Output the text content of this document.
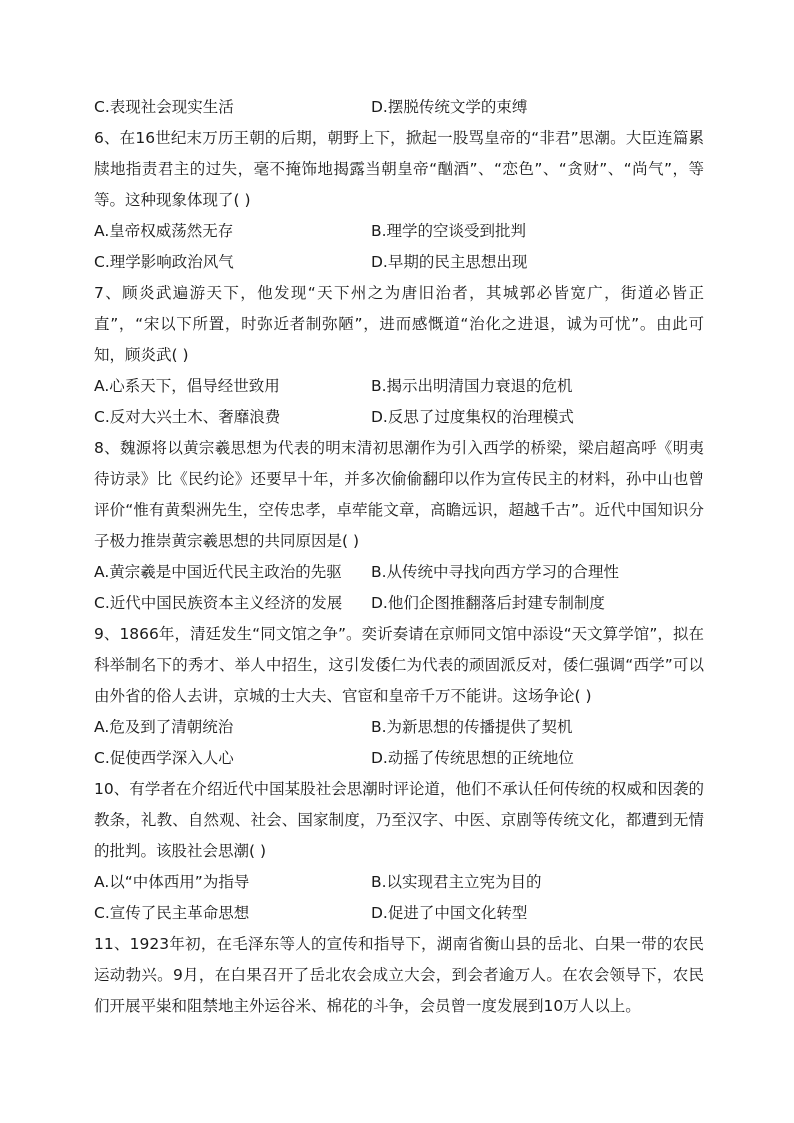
C.表现社会现实生活	D.摆脱传统文学的束缚
6、在16世纪末万历王朝的后期，朝野上下，掀起一股骂皇帝的“非君”思潮。大臣连篇累牍地指责君主的过失，毫不掩饰地揭露当朝皇帝“酗酒”、“恋色”、“贪财”、“尚气”，等等。这种现象体现了( )
A.皇帝权威荡然无存	B.理学的空谈受到批判
C.理学影响政治风气	D.早期的民主思想出现
7、顾炎武遍游天下，他发现“天下州之为唐旧治者，其城郭必皆宽广，街道必皆正直”，“宋以下所置，时弥近者制弥陋”，进而感慨道“治化之进退，诚为可忧”。由此可知，顾炎武( )
A.心系天下，倡导经世致用	B.揭示出明清国力衰退的危机
C.反对大兴土木、奢靡浪费	D.反思了过度集权的治理模式
8、魏源将以黄宗羲思想为代表的明末清初思潮作为引入西学的桥梁，梁启超高呼《明夷待访录》比《民约论》还要早十年，并多次偷偷翻印以作为宣传民主的材料，孙中山也曾评价“惟有黄梨洲先生，空传忠孝，卓荦能文章，高瞻远识，超越千古”。近代中国知识分子极力推崇黄宗羲思想的共同原因是( )
A.黄宗羲是中国近代民主政治的先驱	B.从传统中寻找向西方学习的合理性
C.近代中国民族资本主义经济的发展	D.他们企图推翻落后封建专制制度
9、1866年，清廷发生“同文馆之争”。奕䜣奏请在京师同文馆中添设“天文算学馆”，拟在科举制名下的秀才、举人中招生，这引发倭仁为代表的顽固派反对，倭仁强调“西学”可以由外省的俗人去讲，京城的士大夫、官宦和皇帝千万不能讲。这场争论( )
A.危及到了清朝统治	B.为新思想的传播提供了契机
C.促使西学深入人心	D.动摇了传统思想的正统地位
10、有学者在介绍近代中国某股社会思潮时评论道，他们不承认任何传统的权威和因袭的教条，礼教、自然观、社会、国家制度，乃至汉字、中医、京剧等传统文化，都遭到无情的批判。该股社会思潮( )
A.以“中体西用”为指导	B.以实现君主立宪为目的
C.宣传了民主革命思想	D.促进了中国文化转型
11、1923年初，在毛泽东等人的宣传和指导下，湖南省衡山县的岳北、白果一带的农民运动勃兴。9月，在白果召开了岳北农会成立大会，到会者逾万人。在农会领导下，农民们开展平粜和阻禁地主外运谷米、棉花的斗争，会员曾一度发展到10万人以上。
